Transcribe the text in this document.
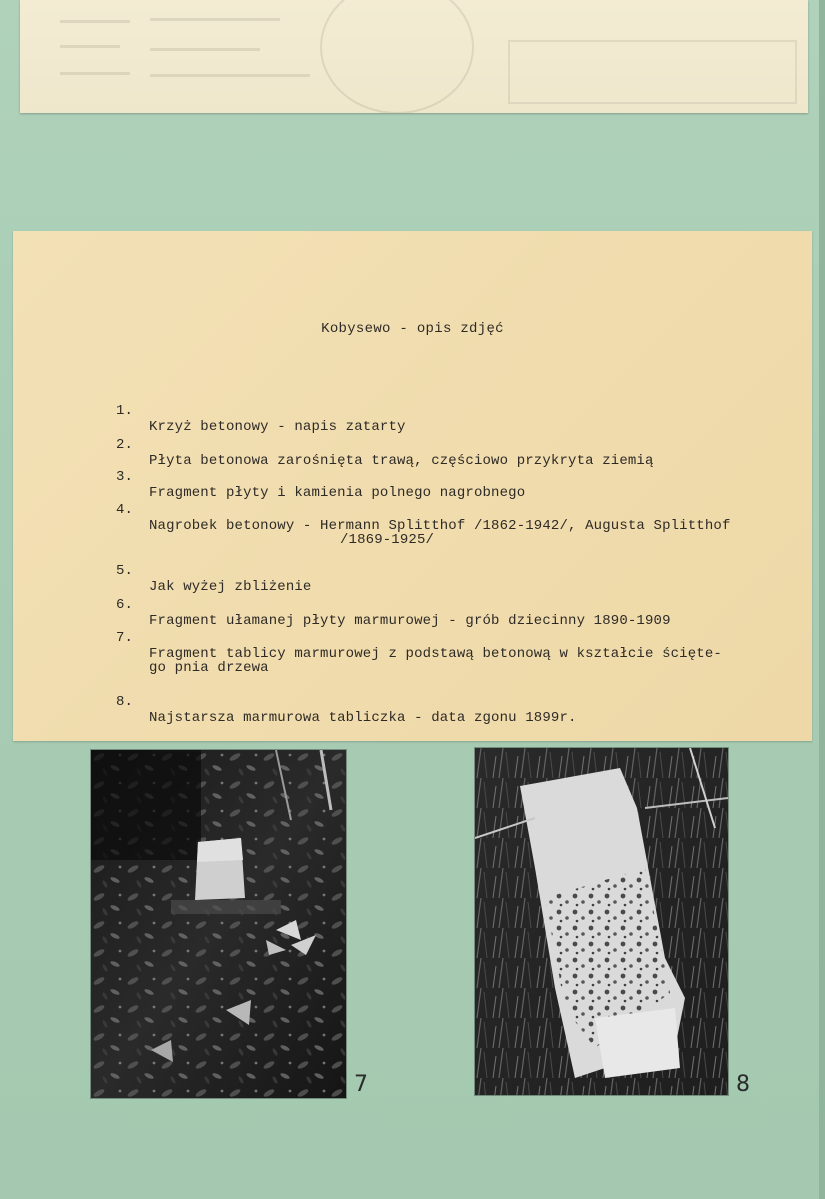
Kobysewo - opis zdjęć

1.

Krzyż betonowy - napis zatarty

2.

Płyta betonowa zarośnięta trawą, częściowo przykryta ziemią

3.

Fragment płyty i kamienia polnego nagrobnego

4.

Nagrobek betonowy - Hermann Splitthof /1862-1942/, Augusta Splitthof

/1869-1925/

5.

Jak wyżej zbliżenie

6.

Fragment ułamanej płyty marmurowej - grób dziecinny 1890-1909

7.

Fragment tablicy marmurowej z podstawą betonową w kształcie ścięte-

go pnia drzewa

8.

Najstarsza marmurowa tabliczka - data zgonu 1899r.

7	8
